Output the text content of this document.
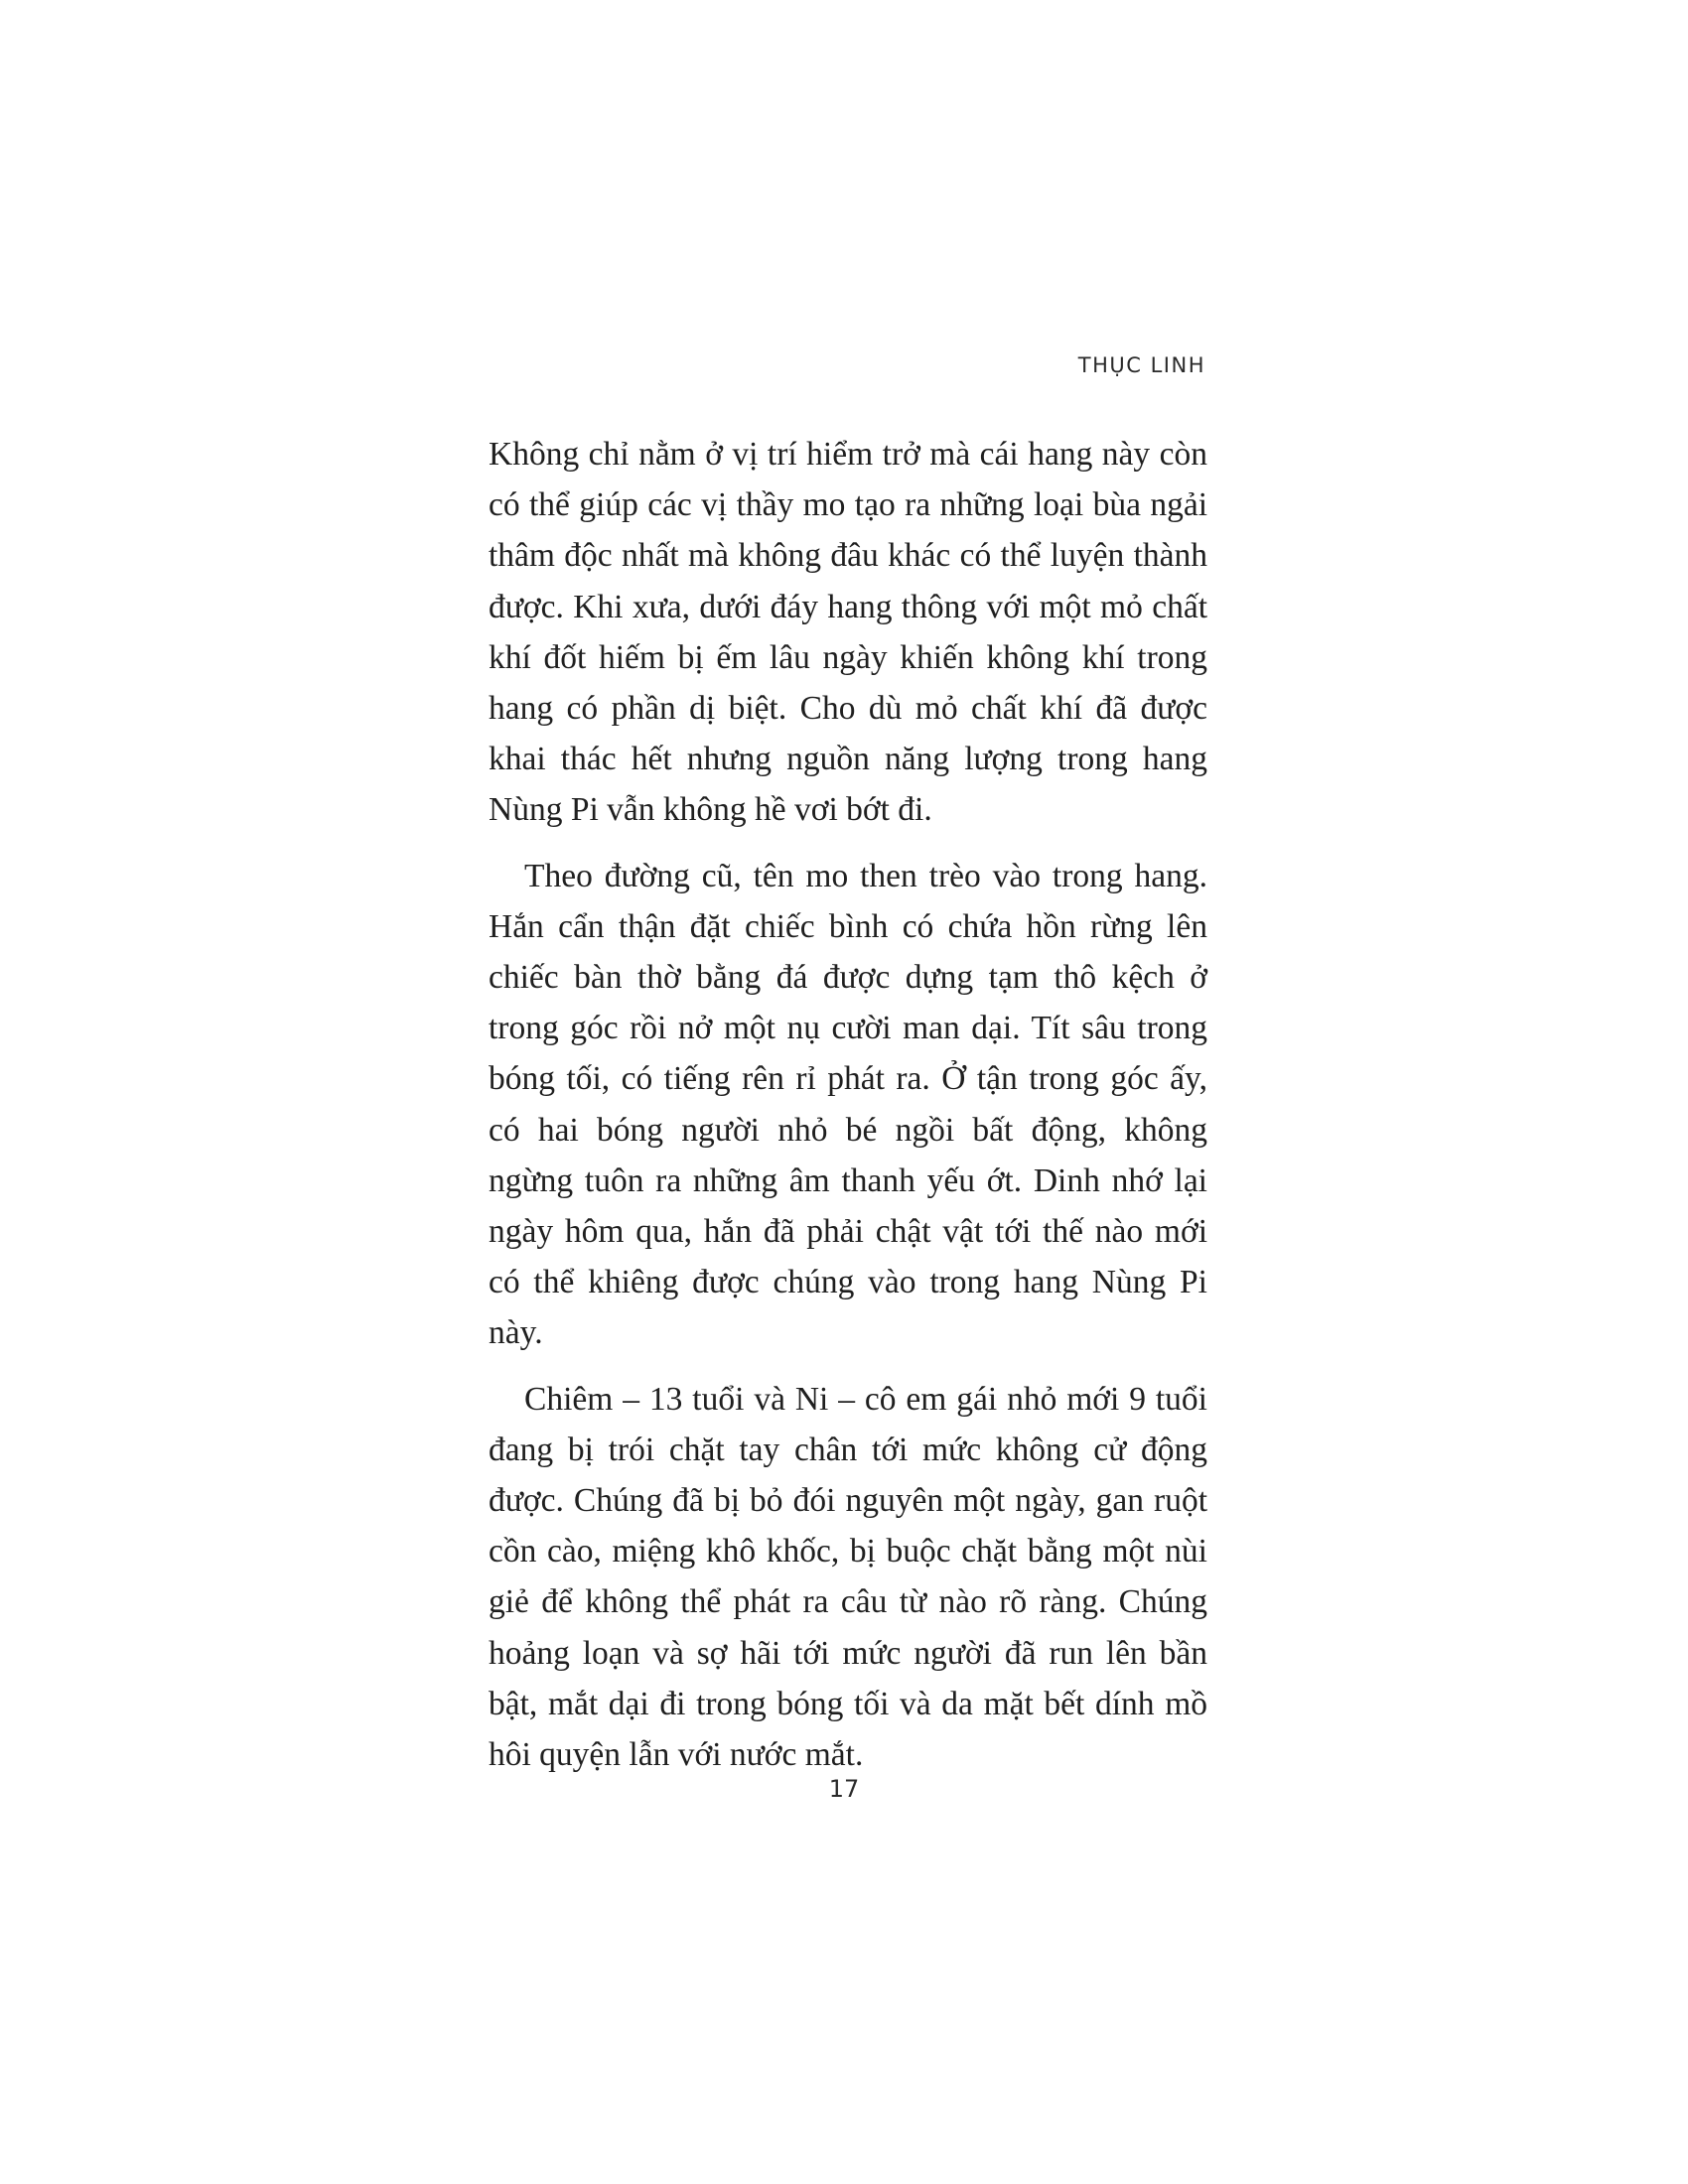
THỤC LINH

Không chỉ nằm ở vị trí hiểm trở mà cái hang này còn có thể giúp các vị thầy mo tạo ra những loại bùa ngải thâm độc nhất mà không đâu khác có thể luyện thành được. Khi xưa, dưới đáy hang thông với một mỏ chất khí đốt hiếm bị ếm lâu ngày khiến không khí trong hang có phần dị biệt. Cho dù mỏ chất khí đã được khai thác hết nhưng nguồn năng lượng trong hang Nùng Pi vẫn không hề vơi bớt đi.

Theo đường cũ, tên mo then trèo vào trong hang. Hắn cẩn thận đặt chiếc bình có chứa hồn rừng lên chiếc bàn thờ bằng đá được dựng tạm thô kệch ở trong góc rồi nở một nụ cười man dại. Tít sâu trong bóng tối, có tiếng rên rỉ phát ra. Ở tận trong góc ấy, có hai bóng người nhỏ bé ngồi bất động, không ngừng tuôn ra những âm thanh yếu ớt. Dinh nhớ lại ngày hôm qua, hắn đã phải chật vật tới thế nào mới có thể khiêng được chúng vào trong hang Nùng Pi này.

Chiêm – 13 tuổi và Ni – cô em gái nhỏ mới 9 tuổi đang bị trói chặt tay chân tới mức không cử động được. Chúng đã bị bỏ đói nguyên một ngày, gan ruột cồn cào, miệng khô khốc, bị buộc chặt bằng một nùi giẻ để không thể phát ra câu từ nào rõ ràng. Chúng hoảng loạn và sợ hãi tới mức người đã run lên bần bật, mắt dại đi trong bóng tối và da mặt bết dính mồ hôi quyện lẫn với nước mắt.

17
